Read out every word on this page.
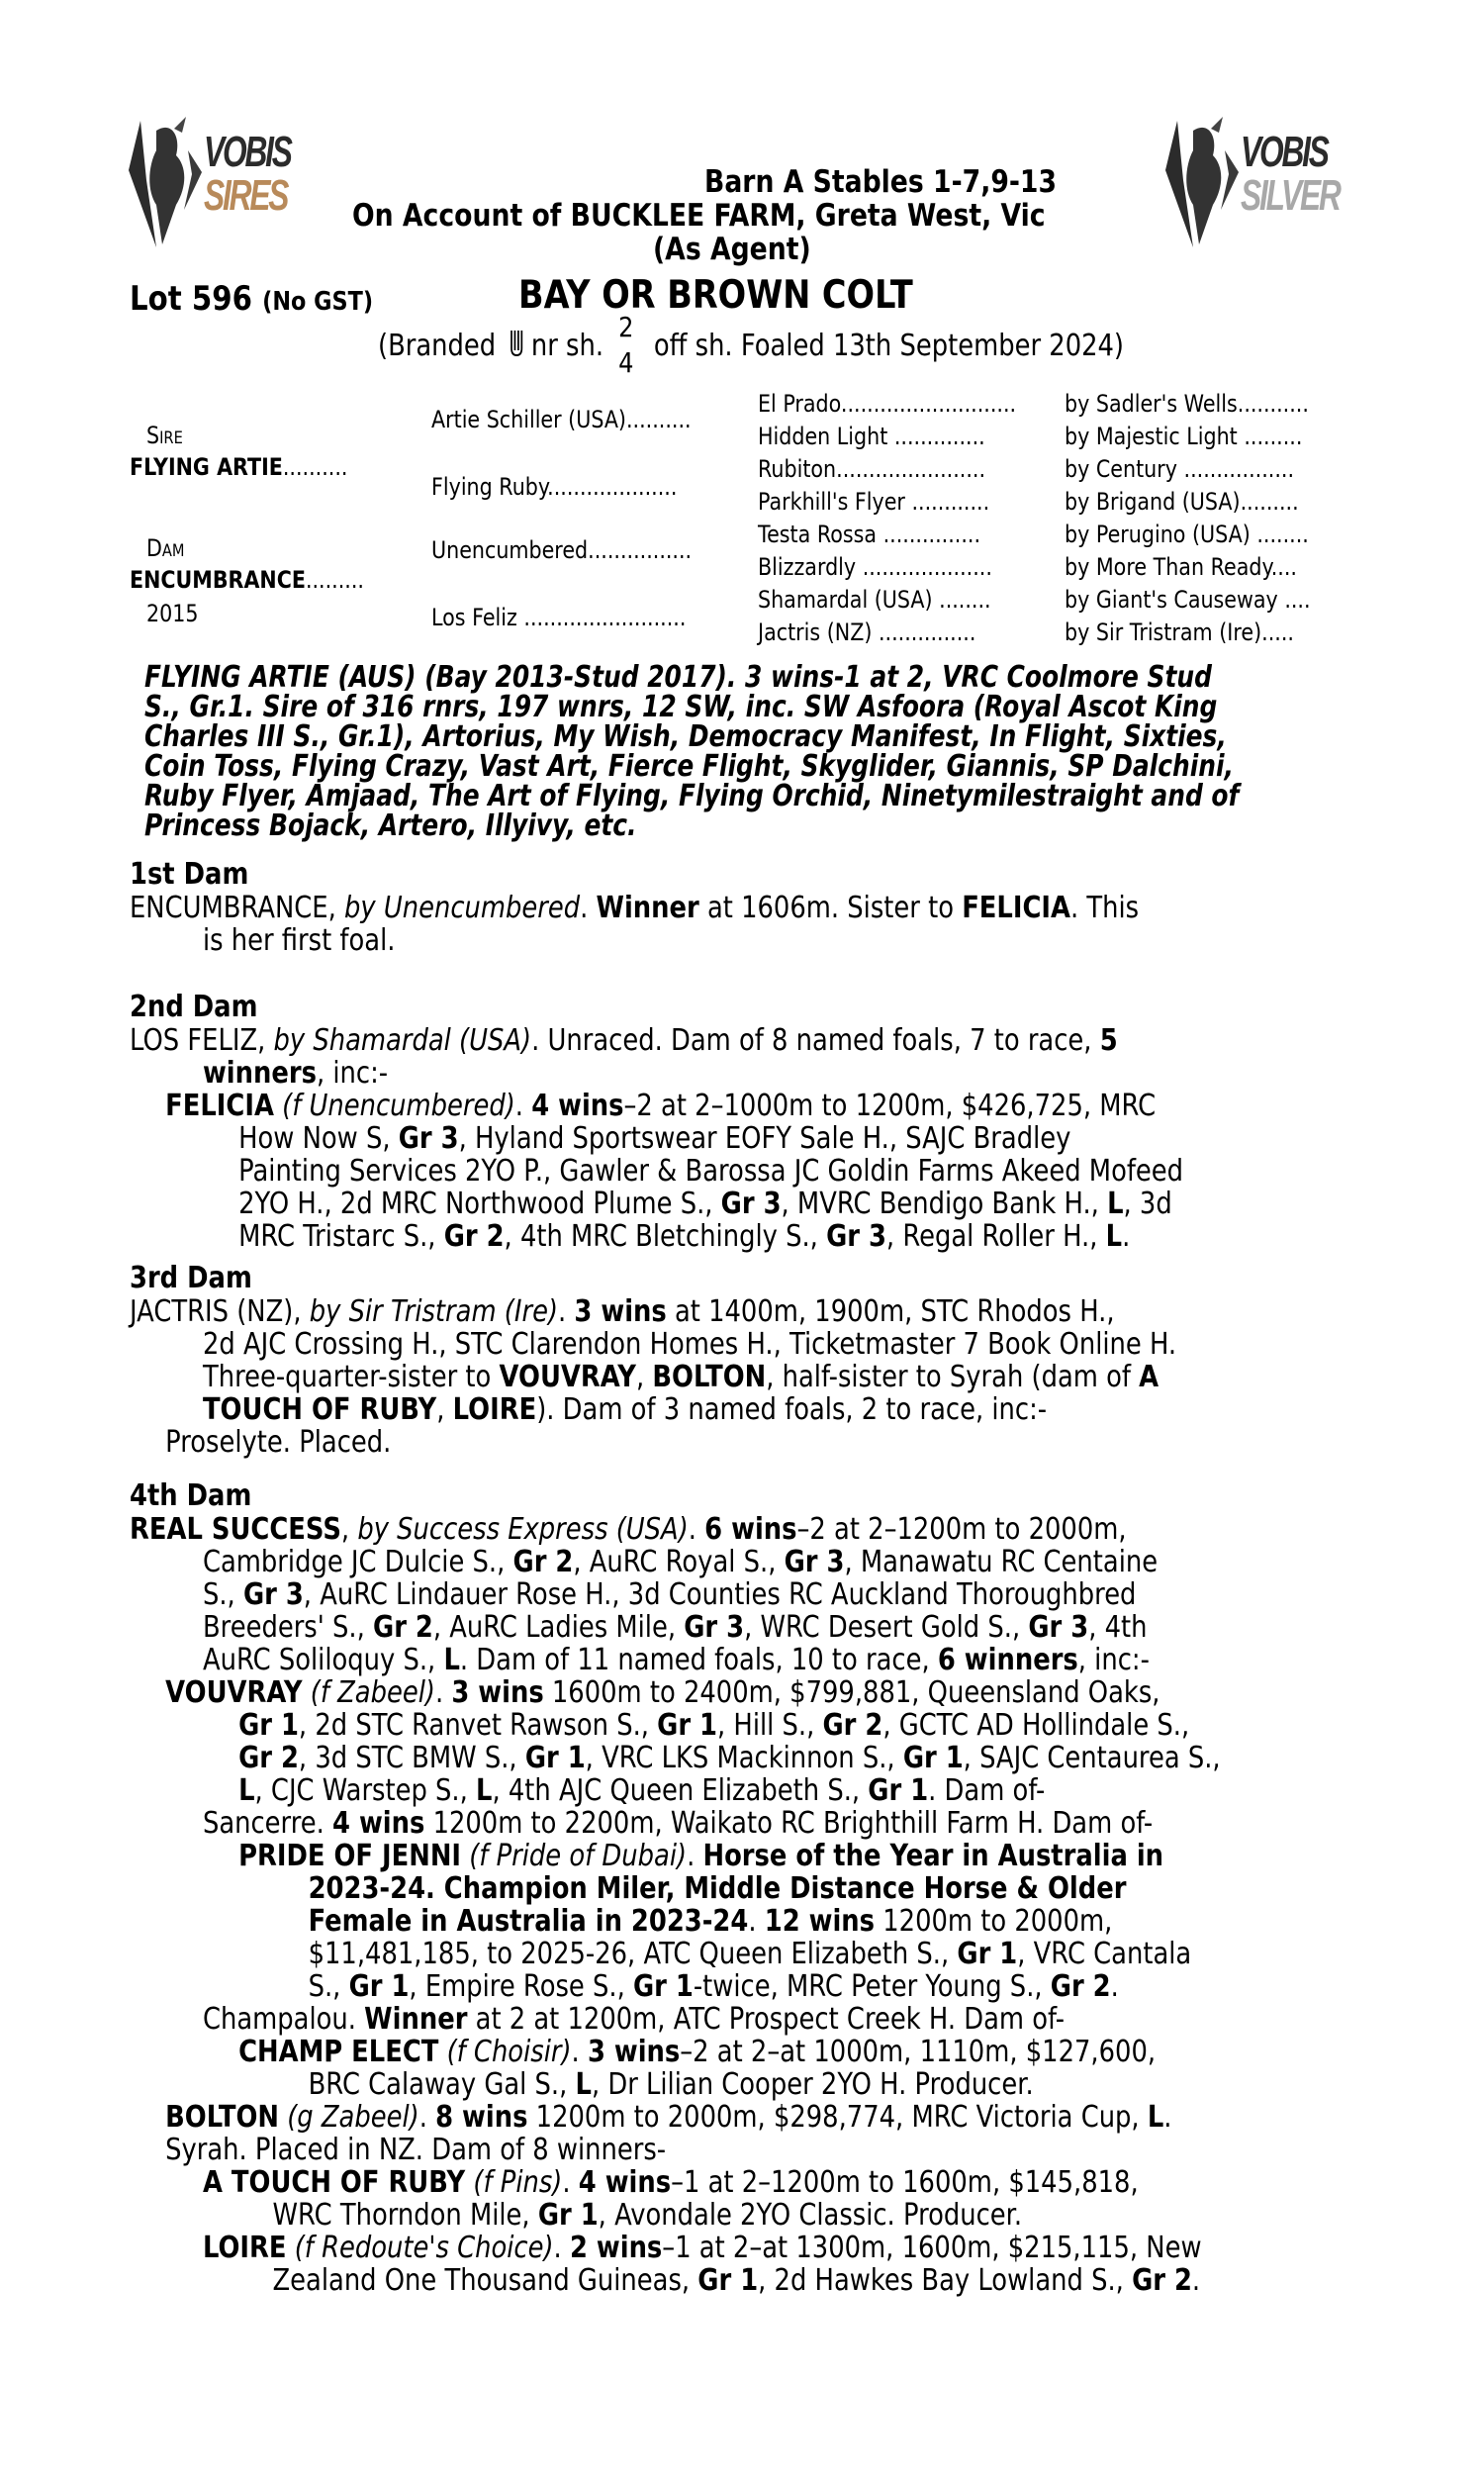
VOBIS
SIRES
VOBIS
SILVER
Barn A Stables 1-7,9-13
On Account of BUCKLEE FARM, Greta West, Vic
(As Agent)
Lot 596 (No GST)	BAY OR BROWN COLT
(Branded nr sh.
2
4 off sh. Foaled 13th September 2024)
Sire
FLYING ARTIE..........
Dam
ENCUMBRANCE.........
2015
Artie Schiller (USA)..........
Flying Ruby....................
Unencumbered................
Los Feliz .........................
El Prado...........................
Hidden Light ..............
Rubiton.......................
Parkhill's Flyer ............
Testa Rossa ...............
Blizzardly ....................
Shamardal (USA) ........
Jactris (NZ) ...............
by Sadler's Wells...........
by Majestic Light .........
by Century .................
by Brigand (USA).........
by Perugino (USA) ........
by More Than Ready....
by Giant's Causeway ....
by Sir Tristram (Ire).....
FLYING ARTIE (AUS) (Bay 2013-Stud 2017). 3 wins-1 at 2, VRC Coolmore Stud
S., Gr.1. Sire of 316 rnrs, 197 wnrs, 12 SW, inc. SW Asfoora (Royal Ascot King
Charles III S., Gr.1), Artorius, My Wish, Democracy Manifest, In Flight, Sixties,
Coin Toss, Flying Crazy, Vast Art, Fierce Flight, Skyglider, Giannis, SP Dalchini,
Ruby Flyer, Amjaad, The Art of Flying, Flying Orchid, Ninetymilestraight and of
Princess Bojack, Artero, Illyivy, etc.
1st Dam
ENCUMBRANCE, by Unencumbered. Winner at 1606m. Sister to FELICIA. This
is her first foal.
2nd Dam
LOS FELIZ, by Shamardal (USA). Unraced. Dam of 8 named foals, 7 to race, 5
winners, inc:-
FELICIA (f Unencumbered). 4 wins–2 at 2–1000m to 1200m, $426,725, MRC
How Now S, Gr 3, Hyland Sportswear EOFY Sale H., SAJC Bradley
Painting Services 2YO P., Gawler & Barossa JC Goldin Farms Akeed Mofeed
2YO H., 2d MRC Northwood Plume S., Gr 3, MVRC Bendigo Bank H., L, 3d
MRC Tristarc S., Gr 2, 4th MRC Bletchingly S., Gr 3, Regal Roller H., L.
3rd Dam
JACTRIS (NZ), by Sir Tristram (Ire). 3 wins at 1400m, 1900m, STC Rhodos H.,
2d AJC Crossing H., STC Clarendon Homes H., Ticketmaster 7 Book Online H.
Three-quarter-sister to VOUVRAY, BOLTON, half-sister to Syrah (dam of A
TOUCH OF RUBY, LOIRE). Dam of 3 named foals, 2 to race, inc:-
Proselyte. Placed.
4th Dam
REAL SUCCESS, by Success Express (USA). 6 wins–2 at 2–1200m to 2000m,
Cambridge JC Dulcie S., Gr 2, AuRC Royal S., Gr 3, Manawatu RC Centaine
S., Gr 3, AuRC Lindauer Rose H., 3d Counties RC Auckland Thoroughbred
Breeders' S., Gr 2, AuRC Ladies Mile, Gr 3, WRC Desert Gold S., Gr 3, 4th
AuRC Soliloquy S., L. Dam of 11 named foals, 10 to race, 6 winners, inc:-
VOUVRAY (f Zabeel). 3 wins 1600m to 2400m, $799,881, Queensland Oaks,
Gr 1, 2d STC Ranvet Rawson S., Gr 1, Hill S., Gr 2, GCTC AD Hollindale S.,
Gr 2, 3d STC BMW S., Gr 1, VRC LKS Mackinnon S., Gr 1, SAJC Centaurea S.,
L, CJC Warstep S., L, 4th AJC Queen Elizabeth S., Gr 1. Dam of-
Sancerre. 4 wins 1200m to 2200m, Waikato RC Brighthill Farm H. Dam of-
PRIDE OF JENNI (f Pride of Dubai). Horse of the Year in Australia in
2023-24. Champion Miler, Middle Distance Horse & Older
Female in Australia in 2023-24. 12 wins 1200m to 2000m,
$11,481,185, to 2025-26, ATC Queen Elizabeth S., Gr 1, VRC Cantala
S., Gr 1, Empire Rose S., Gr 1-twice, MRC Peter Young S., Gr 2.
Champalou. Winner at 2 at 1200m, ATC Prospect Creek H. Dam of-
CHAMP ELECT (f Choisir). 3 wins–2 at 2–at 1000m, 1110m, $127,600,
BRC Calaway Gal S., L, Dr Lilian Cooper 2YO H. Producer.
BOLTON (g Zabeel). 8 wins 1200m to 2000m, $298,774, MRC Victoria Cup, L.
Syrah. Placed in NZ. Dam of 8 winners-
A TOUCH OF RUBY (f Pins). 4 wins–1 at 2–1200m to 1600m, $145,818,
WRC Thorndon Mile, Gr 1, Avondale 2YO Classic. Producer.
LOIRE (f Redoute's Choice). 2 wins–1 at 2–at 1300m, 1600m, $215,115, New
Zealand One Thousand Guineas, Gr 1, 2d Hawkes Bay Lowland S., Gr 2.
